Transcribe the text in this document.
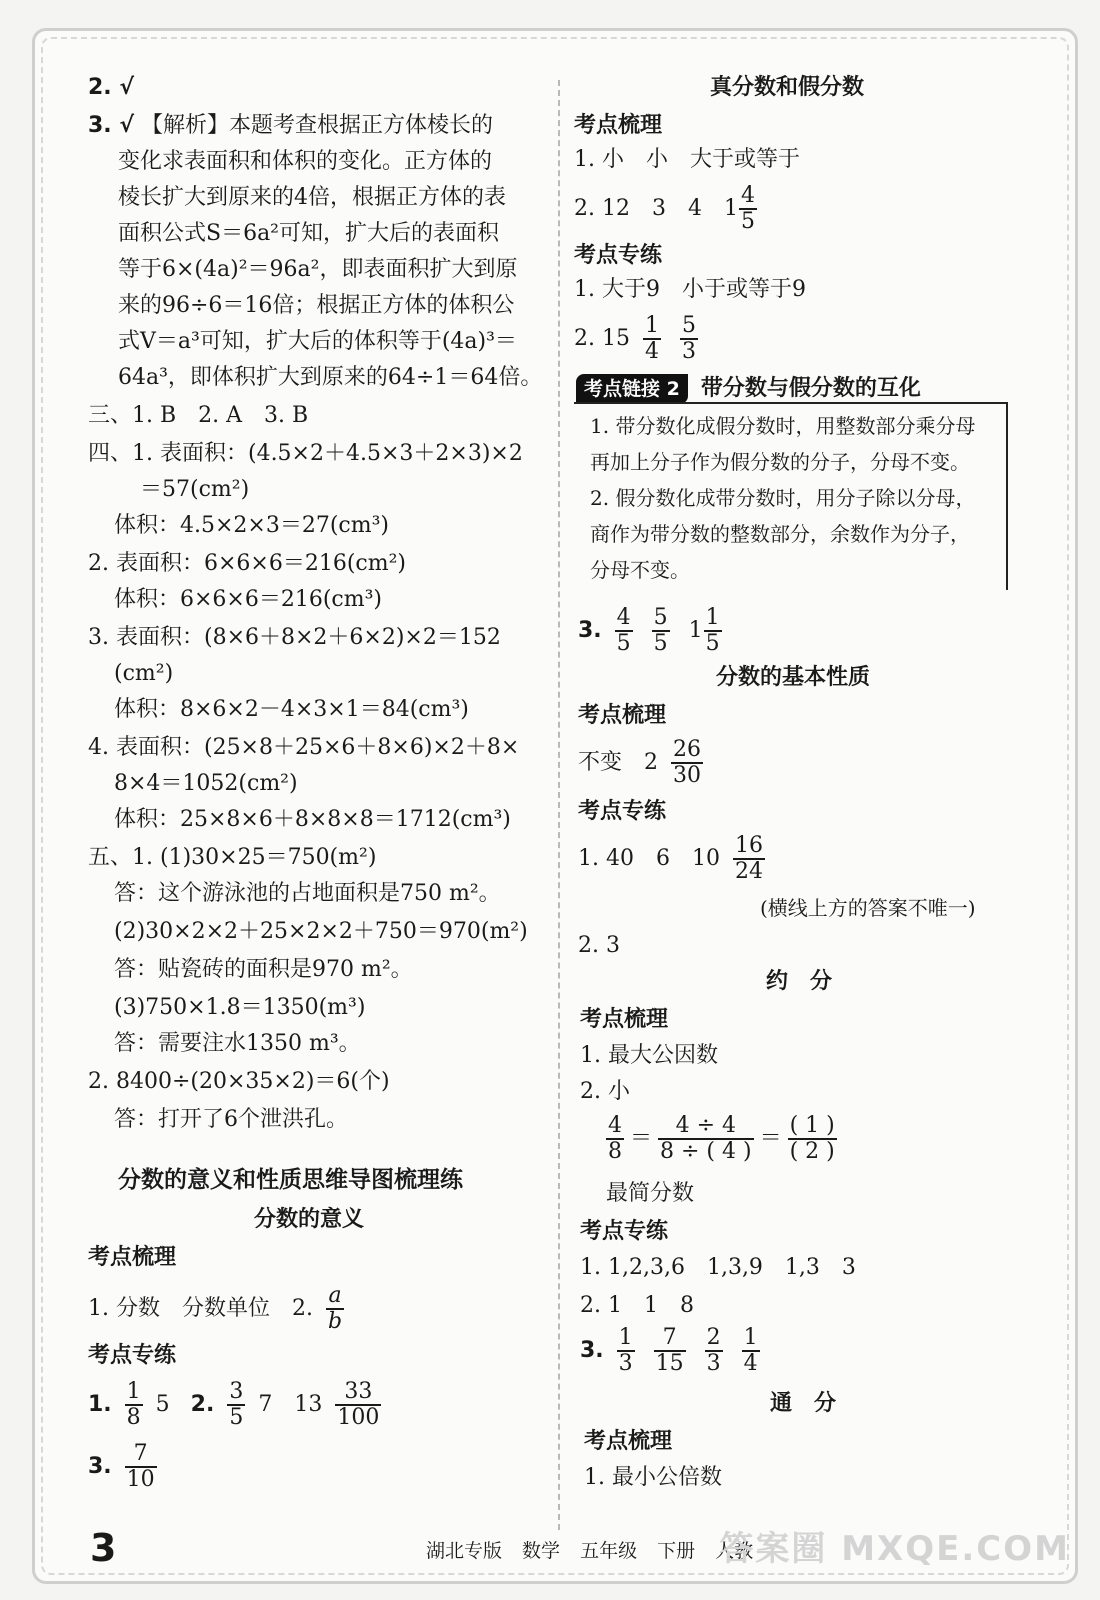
2. √
3. √ 【解析】本题考查根据正方体棱长的
变化求表面积和体积的变化。正方体的
棱长扩大到原来的4倍，根据正方体的表
面积公式S＝6a²可知，扩大后的表面积
等于6×(4a)²＝96a²，即表面积扩大到原
来的96÷6＝16倍；根据正方体的体积公
式V＝a³可知，扩大后的体积等于(4a)³＝
64a³，即体积扩大到原来的64÷1＝64倍。
三、1. B　2. A　3. B
四、1. 表面积：(4.5×2＋4.5×3＋2×3)×2
＝57(cm²)
体积：4.5×2×3＝27(cm³)
2. 表面积：6×6×6＝216(cm²)
体积：6×6×6＝216(cm³)
3. 表面积：(8×6＋8×2＋6×2)×2＝152
(cm²)
体积：8×6×2－4×3×1＝84(cm³)
4. 表面积：(25×8＋25×6＋8×6)×2＋8×
8×4＝1052(cm²)
体积：25×8×6＋8×8×8＝1712(cm³)
五、1. (1)30×25＝750(m²)
答：这个游泳池的占地面积是750 m²。
(2)30×2×2＋25×2×2＋750＝970(m²)
答：贴瓷砖的面积是970 m²。
(3)750×1.8＝1350(m³)
答：需要注水1350 m³。
2. 8400÷(20×35×2)＝6(个)
答：打开了6个泄洪孔。
分数的意义和性质思维导图梳理练
分数的意义
考点梳理
1. 分数　分数单位　2. $\frac{a}{b}$
考点专练
1. $\frac{1}{8} 5$ 2. $\frac{3}{5} 7$　$13 \frac{33}{100}$
3. $\frac{7}{10}$
真分数和假分数
考点梳理
1. 小　小　大于或等于
2. 12　3　4　$1 \frac{4}{5}$
考点专练
1. 大于9　小于或等于9
2. $15 \frac{1}{4}$
$\frac{5}{3}$
考点链接 2 带分数与假分数的互化
1. 带分数化成假分数时，用整数部分乘分母
再加上分子作为假分数的分子，分母不变。
2. 假分数化成带分数时，用分子除以分母，
商作为带分数的整数部分，余数作为分子，
分母不变。
3. $\frac{4}{5}$
$\frac{5}{5} 1 \frac{1}{5}$
分数的基本性质
考点梳理
不变　$2 \frac{26}{30}$
考点专练
1. 40　6　$10 \frac{16}{24}$
(横线上方的答案不唯一)
2. 3
约　分
考点梳理
1. 最大公因数
2. 小
$\frac{4}{8} = \frac{4 \div 4}{8 \div ( 4 )} = \frac{( 1 )}{( 2 )}$
最简分数
考点专练
1. 1,2,3,6　1,3,9　1,3　3
2. 1　1　8
3. $\frac{1}{3}$
$\frac{7}{15}$
$\frac{2}{3}$
$\frac{1}{4}$
通　分
考点梳理
1. 最小公倍数
3	湖北专版 数学 五年级 下册 人教
答案圈 MXQE.COM
